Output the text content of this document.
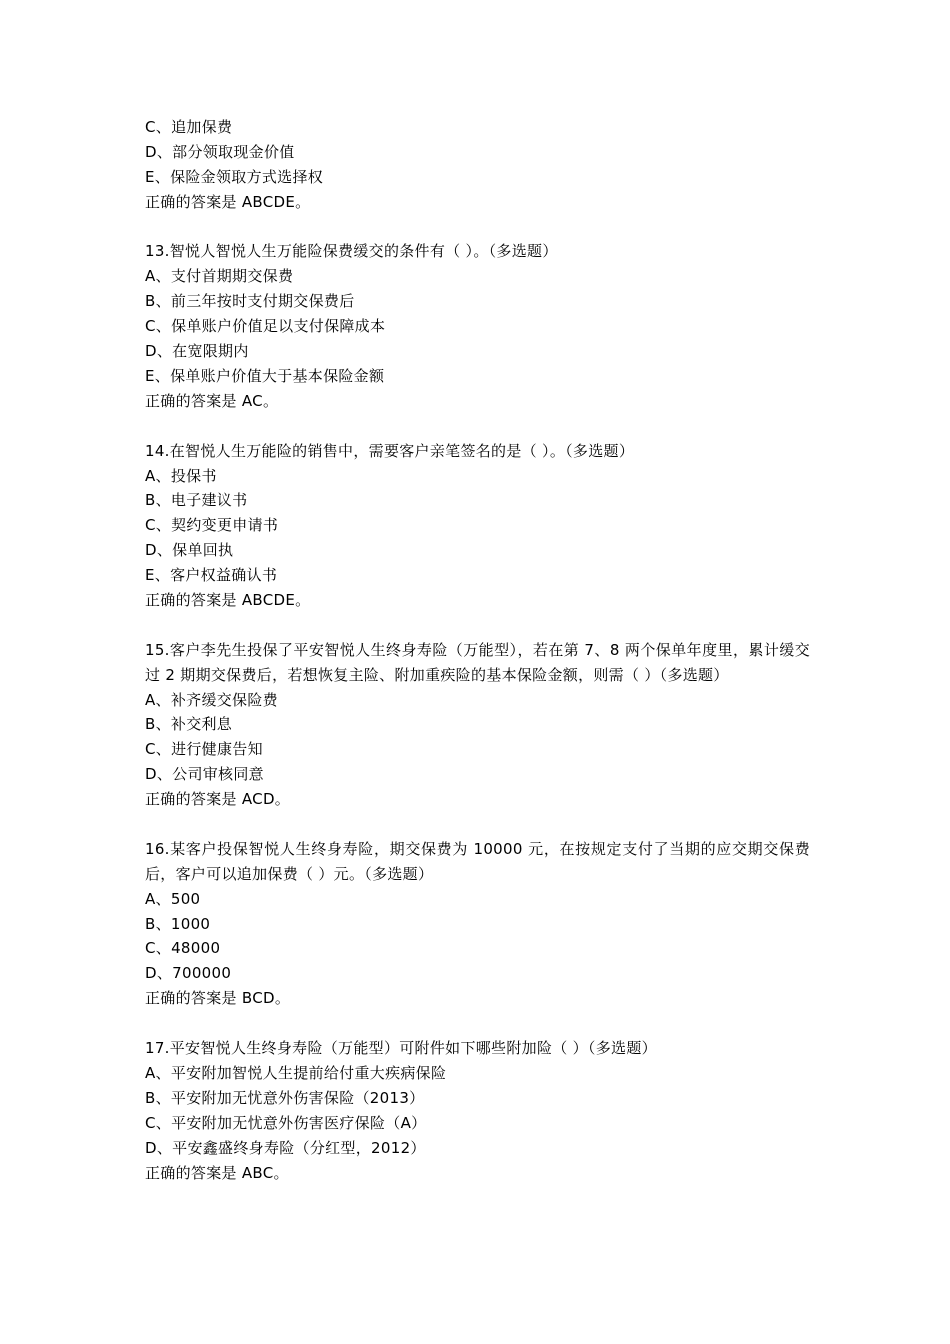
C、追加保费
D、部分领取现金价值
E、保险金领取方式选择权
正确的答案是 ABCDE。
13.智悦人智悦人生万能险保费缓交的条件有（ ）。（多选题）
A、支付首期期交保费
B、前三年按时支付期交保费后
C、保单账户价值足以支付保障成本
D、在宽限期内
E、保单账户价值大于基本保险金额
正确的答案是 AC。
14.在智悦人生万能险的销售中，需要客户亲笔签名的是（ ）。（多选题）
A、投保书
B、电子建议书
C、契约变更申请书
D、保单回执
E、客户权益确认书
正确的答案是 ABCDE。
15.客户李先生投保了平安智悦人生终身寿险（万能型），若在第 7、8 两个保单年度里，累计缓交过 2 期期交保费后，若想恢复主险、附加重疾险的基本保险金额，则需（ ）（多选题）
A、补齐缓交保险费
B、补交利息
C、进行健康告知
D、公司审核同意
正确的答案是 ACD。
16.某客户投保智悦人生终身寿险，期交保费为 10000 元，在按规定支付了当期的应交期交保费后，客户可以追加保费（ ）元。（多选题）
A、500
B、1000
C、48000
D、700000
正确的答案是 BCD。
17.平安智悦人生终身寿险（万能型）可附件如下哪些附加险（ ）（多选题）
A、平安附加智悦人生提前给付重大疾病保险
B、平安附加无忧意外伤害保险（2013）
C、平安附加无忧意外伤害医疗保险（A）
D、平安鑫盛终身寿险（分红型，2012）
正确的答案是 ABC。
